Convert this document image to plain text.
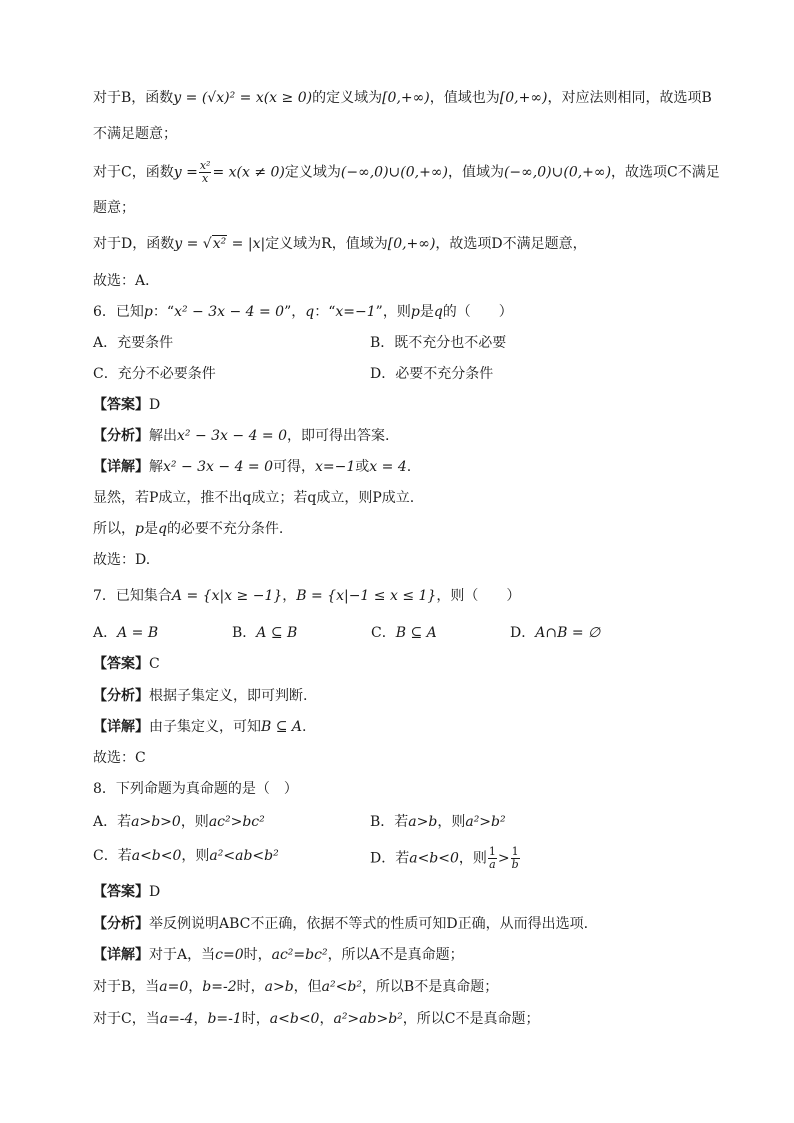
对于B，函数y = (√x)² = x(x ≥ 0)的定义域为[0,+∞)，值域也为[0,+∞)，对应法则相同，故选项B
不满足题意；
对于C，函数$y = \frac{\text{x²}}{x} = x(x \ne 0)$定义域为(−∞,0)∪(0,+∞)，值域为(−∞,0)∪(0,+∞)，故选项C不满足
题意；
对于D，函数y = √x² = |x|定义域为R，值域为[0,+∞)，故选项D不满足题意，
故选：A．
6．已知p：“x² − 3x − 4 = 0”，q：“x=−1”，则p是q的（　　）
A．充要条件	B．既不充分也不必要
C．充分不必要条件	D．必要不充分条件
【答案】D
【分析】解出x² − 3x − 4 = 0，即可得出答案.
【详解】解x² − 3x − 4 = 0可得，x=−1或x = 4.
显然，若P成立，推不出q成立；若q成立，则P成立.
所以，p是q的必要不充分条件.
故选：D.
7．已知集合A = {x|x ≥ −1}，B = {x|−1 ≤ x ≤ 1}，则（　　）
A．A = B	B．A ⊆ B	C．B ⊆ A	D．A∩B = ∅
【答案】C
【分析】根据子集定义，即可判断.
【详解】由子集定义，可知B ⊆ A.
故选：C
8．下列命题为真命题的是（　）
A．若a>b>0，则ac²>bc²	B．若a>b，则a²>b²
C．若a<b<0，则a²<ab<b²	D．若a<b<0，则 $\frac{1}{a} > \frac{1}{b}$
【答案】D
【分析】举反例说明ABC不正确，依据不等式的性质可知D正确，从而得出选项.
【详解】对于A，当c=0时，ac²=bc²，所以A不是真命题；
对于B，当a=0，b=-2时，a>b，但a²<b²，所以B不是真命题；
对于C，当a=-4，b=-1时，a<b<0，a²>ab>b²，所以C不是真命题；
